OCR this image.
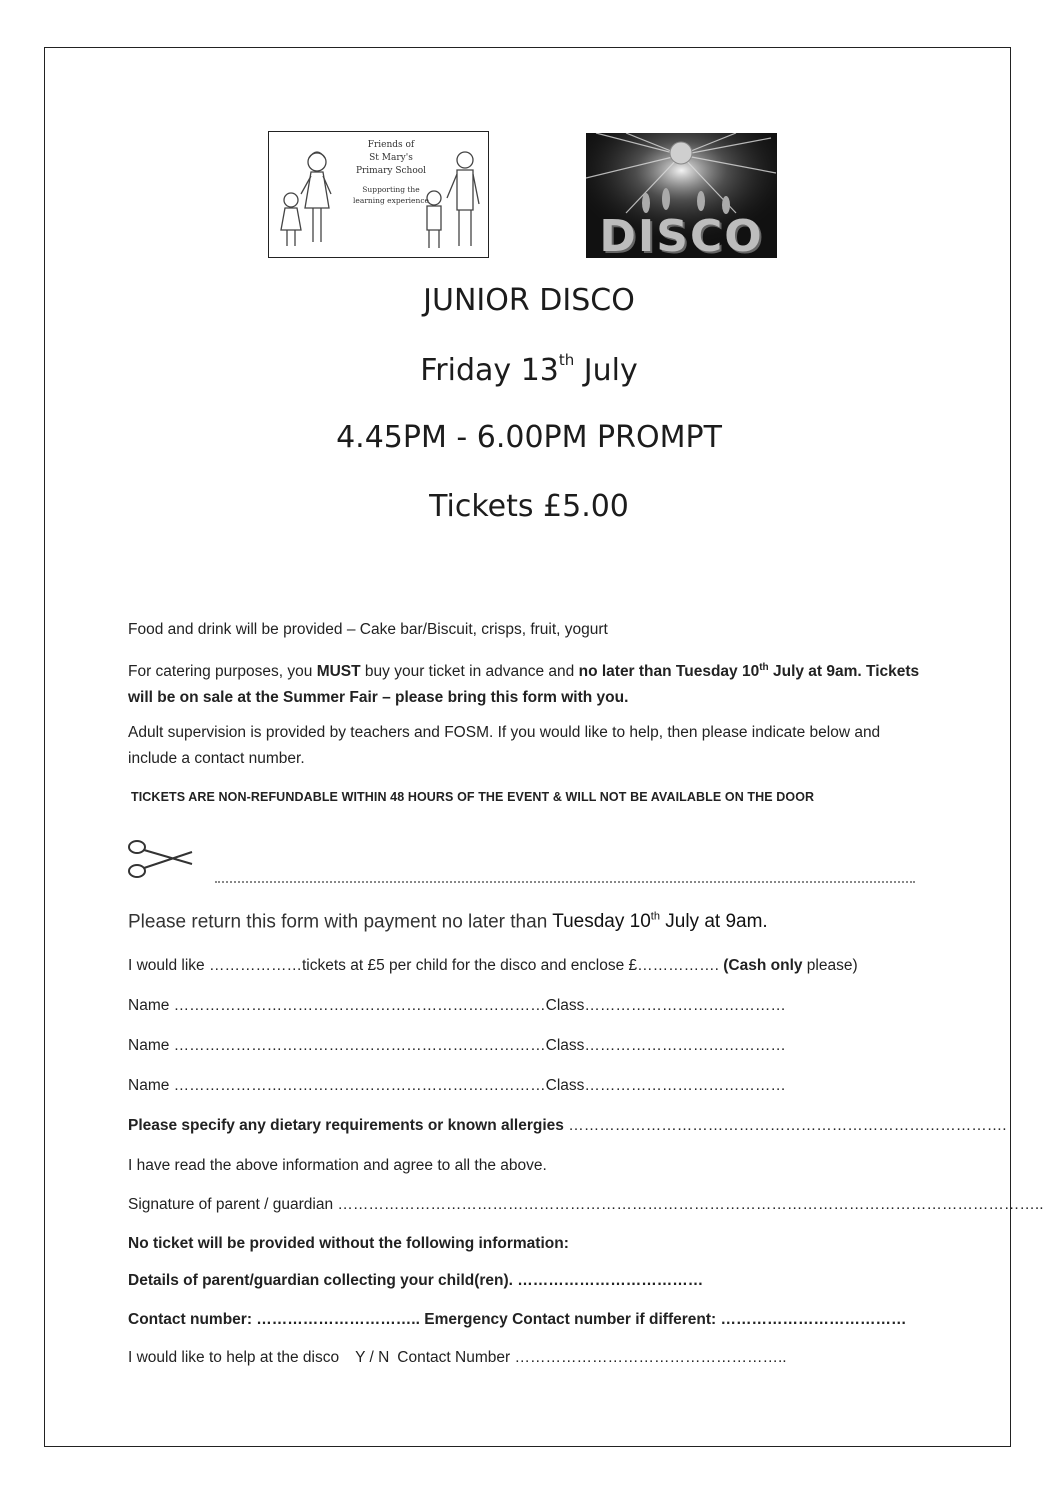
Friends of
St Mary's
Primary School
Supporting the
learning experience
DISCO
JUNIOR DISCO
Friday 13th July
4.45PM - 6.00PM PROMPT
Tickets £5.00
Food and drink will be provided – Cake bar/Biscuit, crisps, fruit, yogurt
For catering purposes, you MUST buy your ticket in advance and no later than Tuesday 10th July at 9am. Tickets will be on sale at the Summer Fair – please bring this form with you.
Adult supervision is provided by teachers and FOSM. If you would like to help, then please indicate below and include a contact number.
TICKETS ARE NON-REFUNDABLE WITHIN 48 HOURS OF THE EVENT & WILL NOT BE AVAILABLE ON THE DOOR
Please return this form with payment no later than Tuesday 10th July at 9am.
I would like ………………tickets at £5 per child for the disco and enclose £……………. (Cash only please)
Name ………………………………………………………………Class…………………………………
Name ………………………………………………………………Class…………………………………
Name ………………………………………………………………Class…………………………………
Please specify any dietary requirements or known allergies ………………………………………………………………………….
I have read the above information and agree to all the above.
Signature of parent / guardian ………………………………………………………………………………………………………………………..
No ticket will be provided without the following information:
Details of parent/guardian collecting your child(ren). ………………………………
Contact number: ………………………….. Emergency Contact number if different: ………………………………
I would like to help at the disco Y / N Contact Number ……………………………………………..
